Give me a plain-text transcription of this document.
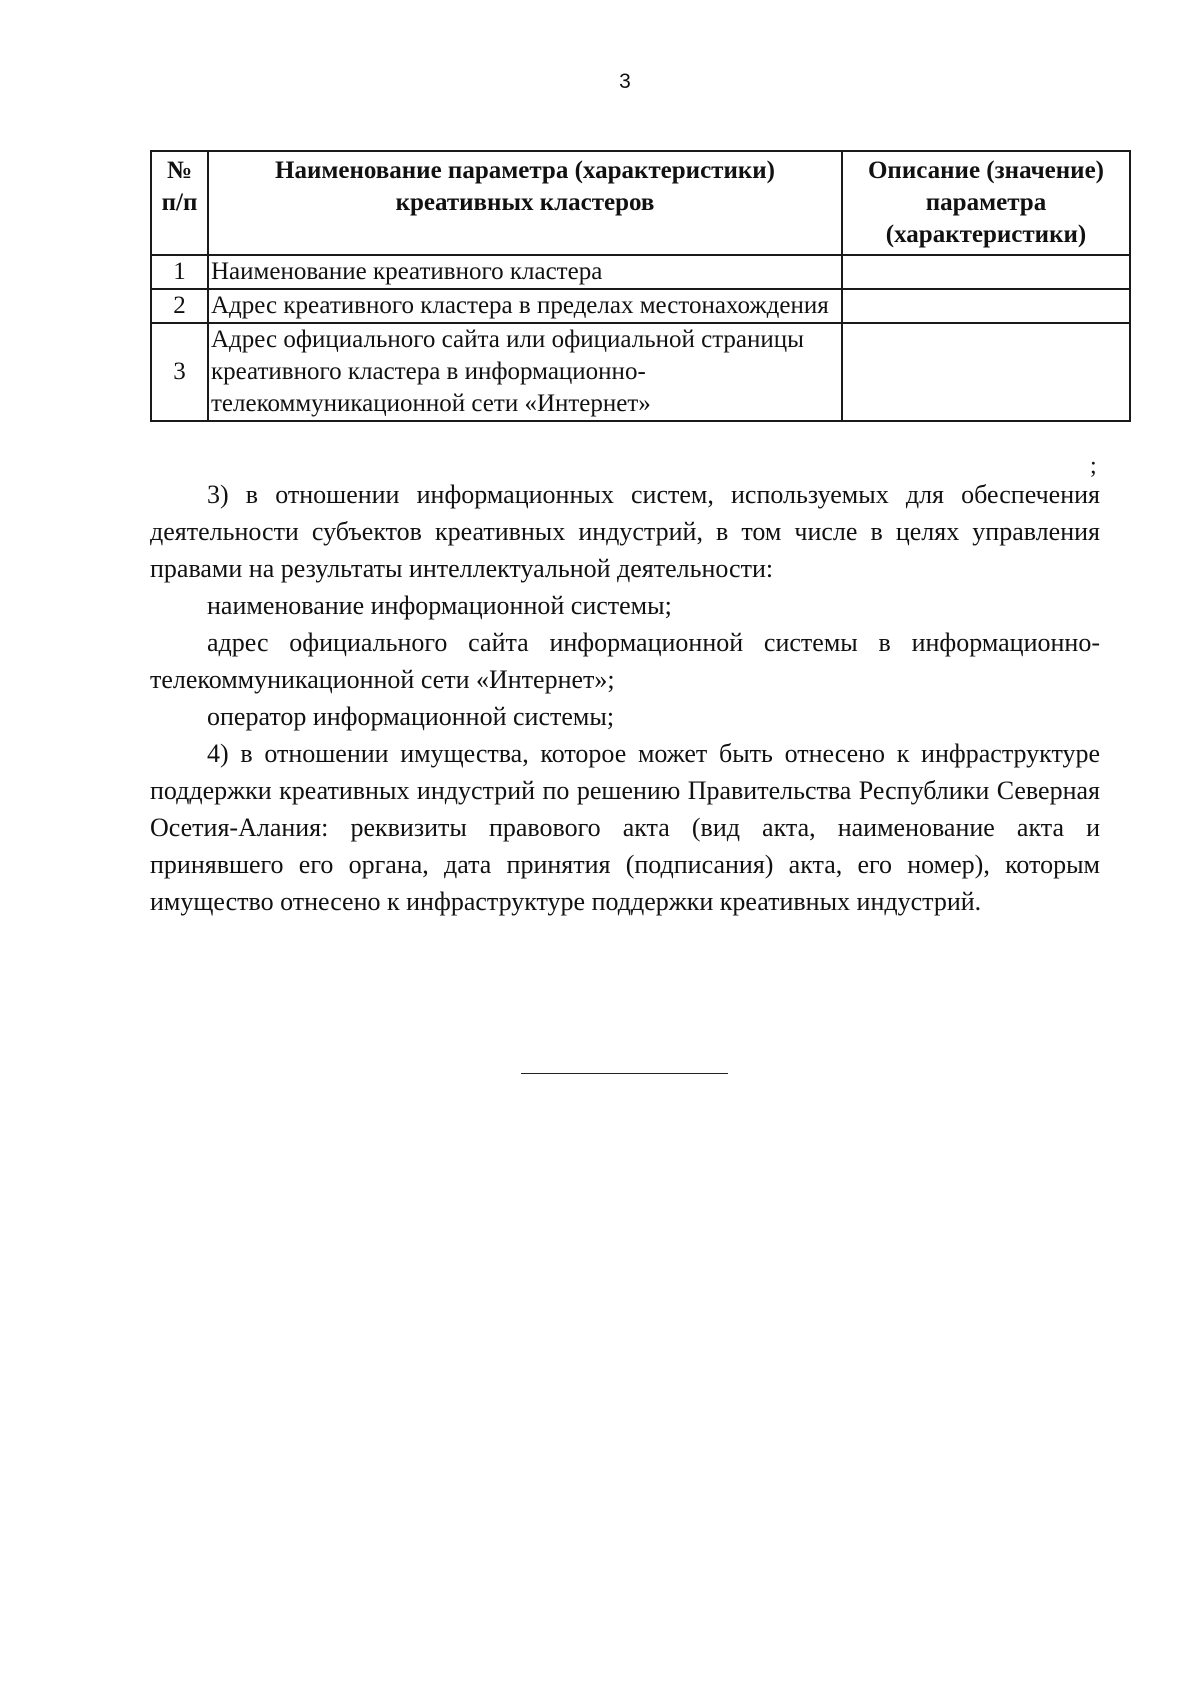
3
№ п/п	Наименование параметра (характеристики) креативных кластеров	Описание (значение) параметра (характеристики)
1	Наименование креативного кластера	
2	Адрес креативного кластера в пределах местонахождения	
3	Адрес официального сайта или официальной страницы креативного кластера в информационно-телекоммуникационной сети «Интернет»	
;

3) в отношении информационных систем, используемых для обеспечения деятельности субъектов креативных индустрий, в том числе в целях управления правами на результаты интеллектуальной деятельности:

наименование информационной системы;

адрес официального сайта информационной системы в информационно-телекоммуникационной сети «Интернет»;

оператор информационной системы;

4) в отношении имущества, которое может быть отнесено к инфраструктуре поддержки креативных индустрий по решению Правительства Республики Северная Осетия-Алания: реквизиты правового акта (вид акта, наименование акта и принявшего его органа, дата принятия (подписания) акта, его номер), которым имущество отнесено к инфраструктуре поддержки креативных индустрий.
